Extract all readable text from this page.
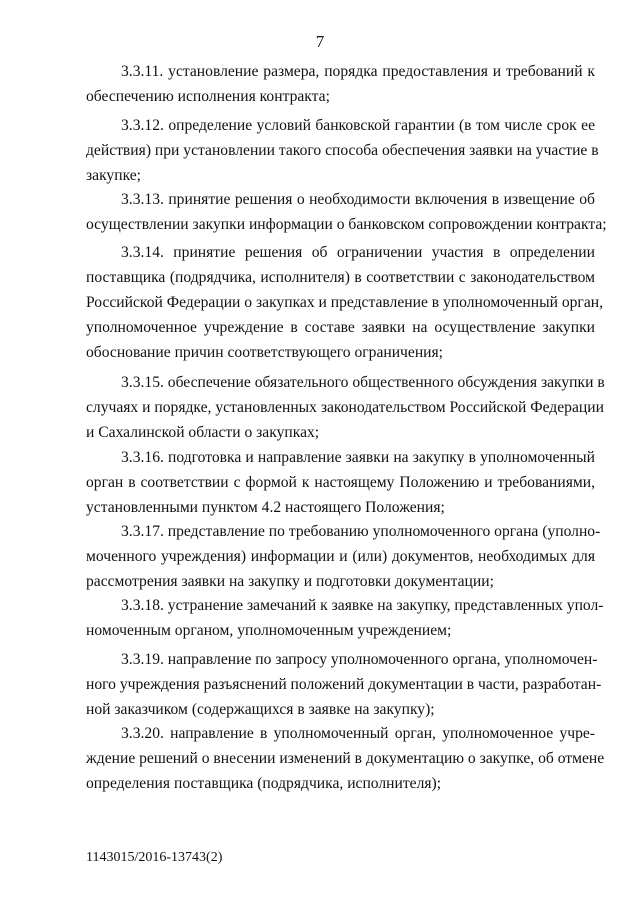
7
3.3.11. установление размера, порядка предоставления и требований к
обеспечению исполнения контракта;
3.3.12. определение условий банковской гарантии (в том числе срок ее
действия) при установлении такого способа обеспечения заявки на участие в
закупке;
3.3.13. принятие решения о необходимости включения в извещение об
осуществлении закупки информации о банковском сопровождении контракта;
3.3.14. принятие решения об ограничении участия в определении
поставщика (подрядчика, исполнителя) в соответствии с законодательством
Российской Федерации о закупках и представление в уполномоченный орган,
уполномоченное учреждение в составе заявки на осуществление закупки
обоснование причин соответствующего ограничения;
3.3.15. обеспечение обязательного общественного обсуждения закупки в
случаях и порядке, установленных законодательством Российской Федерации
и Сахалинской области о закупках;
3.3.16. подготовка и направление заявки на закупку в уполномоченный
орган в соответствии с формой к настоящему Положению и требованиями,
установленными пунктом 4.2 настоящего Положения;
3.3.17. представление по требованию уполномоченного органа (уполно-
моченного учреждения) информации и (или) документов, необходимых для
рассмотрения заявки на закупку и подготовки документации;
3.3.18. устранение замечаний к заявке на закупку, представленных упол-
номоченным органом, уполномоченным учреждением;
3.3.19. направление по запросу уполномоченного органа, уполномочен-
ного учреждения разъяснений положений документации в части, разработан-
ной заказчиком (содержащихся в заявке на закупку);
3.3.20. направление в уполномоченный орган, уполномоченное учре-
ждение решений о внесении изменений в документацию о закупке, об отмене
определения поставщика (подрядчика, исполнителя);
1143015/2016-13743(2)
